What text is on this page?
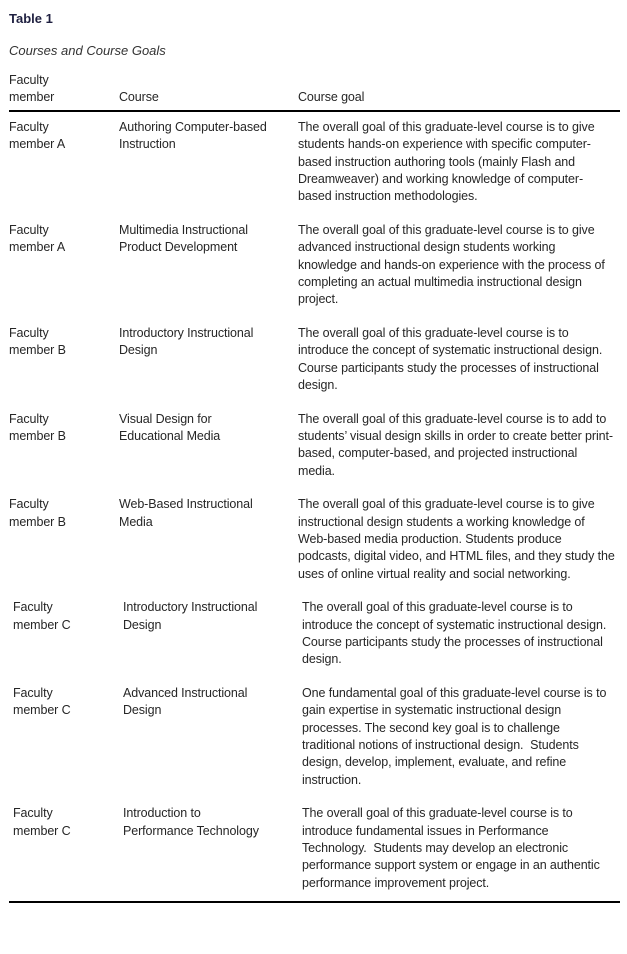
Table 1

Courses and Course Goals

Faculty member	Course	Course goal
Faculty member A	Authoring Computer-based Instruction	The overall goal of this graduate-level course is to give students hands-on experience with specific computer-based instruction authoring tools (mainly Flash and Dreamweaver) and working knowledge of computer-based instruction methodologies.
Faculty member A	Multimedia Instructional Product Development	The overall goal of this graduate-level course is to give advanced instructional design students working knowledge and hands-on experience with the process of completing an actual multimedia instructional design project.
Faculty member B	Introductory Instructional Design	The overall goal of this graduate-level course is to introduce the concept of systematic instructional design. Course participants study the processes of instructional design.
Faculty member B	Visual Design for Educational Media	The overall goal of this graduate-level course is to add to students’ visual design skills in order to create better print-based, computer-based, and projected instructional media.
Faculty member B	Web-Based Instructional Media	The overall goal of this graduate-level course is to give instructional design students a working knowledge of Web-based media production. Students produce podcasts, digital video, and HTML files, and they study the uses of online virtual reality and social networking.
Faculty member C	Introductory Instructional Design	The overall goal of this graduate-level course is to introduce the concept of systematic instructional design. Course participants study the processes of instructional design.
Faculty member C	Advanced Instructional Design	One fundamental goal of this graduate-level course is to gain expertise in systematic instructional design processes. The second key goal is to challenge traditional notions of instructional design.  Students design, develop, implement, evaluate, and refine instruction.
Faculty member C	Introduction to Performance Technology	The overall goal of this graduate-level course is to introduce fundamental issues in Performance Technology.  Students may develop an electronic performance support system or engage in an authentic performance improvement project.
